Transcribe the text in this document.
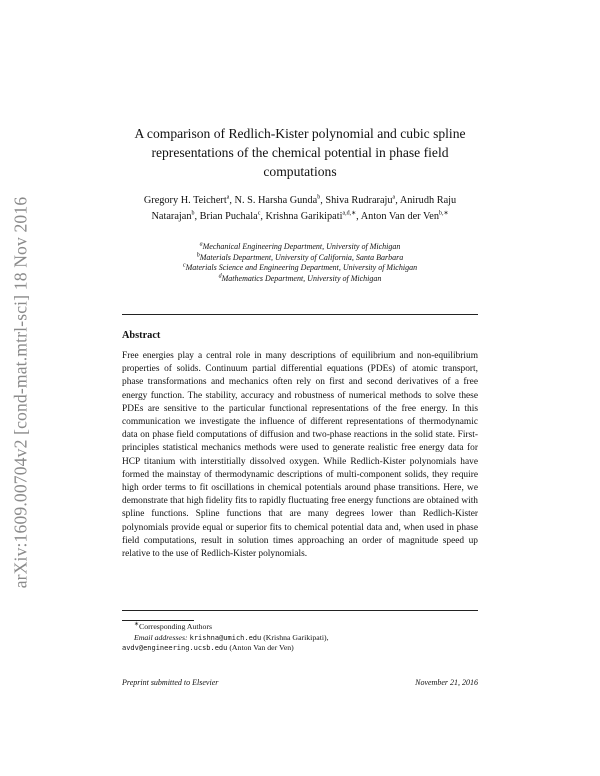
arXiv:1609.00704v2 [cond-mat.mtrl-sci] 18 Nov 2016
A comparison of Redlich-Kister polynomial and cubic spline representations of the chemical potential in phase field computations
Gregory H. Teichert$^a$, N. S. Harsha Gunda$^b$, Shiva Rudraraju$^a$, Anirudh Raju Natarajan$^b$, Brian Puchala$^c$, Krishna Garikipati$^{a,d,∗}$, Anton Van der Ven$^{b,∗}$
$^a$Mechanical Engineering Department, University of Michigan
$^b$Materials Department, University of California, Santa Barbara
$^c$Materials Science and Engineering Department, University of Michigan
$^d$Mathematics Department, University of Michigan
Abstract

Free energies play a central role in many descriptions of equilibrium and non-equilibrium properties of solids. Continuum partial differential equations (PDEs) of atomic transport, phase transformations and mechanics often rely on first and second derivatives of a free energy function. The stability, accuracy and robustness of numerical methods to solve these PDEs are sensitive to the particular functional representations of the free energy. In this communication we investigate the influence of different representations of thermodynamic data on phase field computations of diffusion and two-phase reactions in the solid state. First-principles statistical mechanics methods were used to generate realistic free energy data for HCP titanium with interstitially dissolved oxygen. While Redlich-Kister polynomials have formed the mainstay of thermodynamic descriptions of multi-component solids, they require high order terms to fit oscillations in chemical potentials around phase transitions. Here, we demonstrate that high fidelity fits to rapidly fluctuating free energy functions are obtained with spline functions. Spline functions that are many degrees lower than Redlich-Kister polynomials provide equal or superior fits to chemical potential data and, when used in phase field computations, result in solution times approaching an order of magnitude speed up relative to the use of Redlich-Kister polynomials.

∗Corresponding Authors
Email addresses: krishna@umich.edu (Krishna Garikipati),
avdv@engineering.ucsb.edu (Anton Van der Ven)
Preprint submitted to Elsevier	November 21, 2016
